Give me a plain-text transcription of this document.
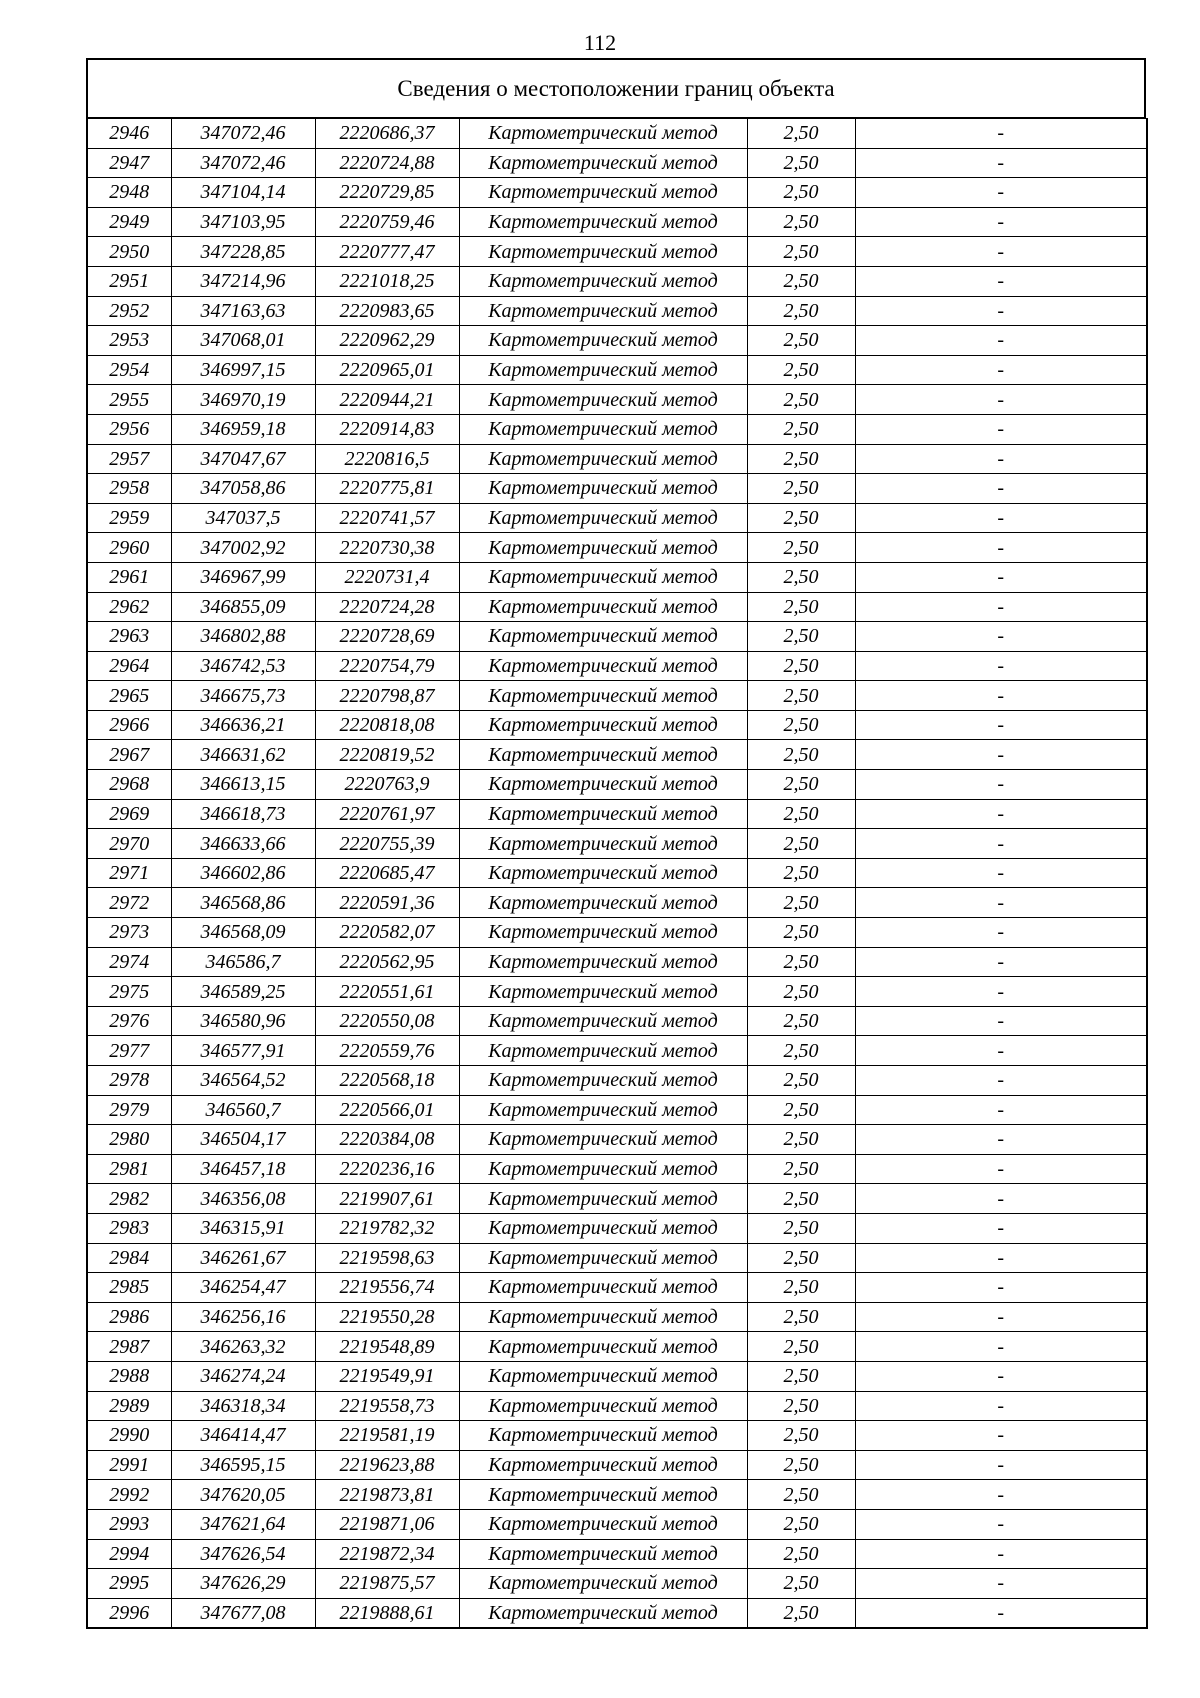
112
Сведения о местоположении границ объекта
2946	347072,46	2220686,37	Картометрический метод	2,50	-
2947	347072,46	2220724,88	Картометрический метод	2,50	-
2948	347104,14	2220729,85	Картометрический метод	2,50	-
2949	347103,95	2220759,46	Картометрический метод	2,50	-
2950	347228,85	2220777,47	Картометрический метод	2,50	-
2951	347214,96	2221018,25	Картометрический метод	2,50	-
2952	347163,63	2220983,65	Картометрический метод	2,50	-
2953	347068,01	2220962,29	Картометрический метод	2,50	-
2954	346997,15	2220965,01	Картометрический метод	2,50	-
2955	346970,19	2220944,21	Картометрический метод	2,50	-
2956	346959,18	2220914,83	Картометрический метод	2,50	-
2957	347047,67	2220816,5	Картометрический метод	2,50	-
2958	347058,86	2220775,81	Картометрический метод	2,50	-
2959	347037,5	2220741,57	Картометрический метод	2,50	-
2960	347002,92	2220730,38	Картометрический метод	2,50	-
2961	346967,99	2220731,4	Картометрический метод	2,50	-
2962	346855,09	2220724,28	Картометрический метод	2,50	-
2963	346802,88	2220728,69	Картометрический метод	2,50	-
2964	346742,53	2220754,79	Картометрический метод	2,50	-
2965	346675,73	2220798,87	Картометрический метод	2,50	-
2966	346636,21	2220818,08	Картометрический метод	2,50	-
2967	346631,62	2220819,52	Картометрический метод	2,50	-
2968	346613,15	2220763,9	Картометрический метод	2,50	-
2969	346618,73	2220761,97	Картометрический метод	2,50	-
2970	346633,66	2220755,39	Картометрический метод	2,50	-
2971	346602,86	2220685,47	Картометрический метод	2,50	-
2972	346568,86	2220591,36	Картометрический метод	2,50	-
2973	346568,09	2220582,07	Картометрический метод	2,50	-
2974	346586,7	2220562,95	Картометрический метод	2,50	-
2975	346589,25	2220551,61	Картометрический метод	2,50	-
2976	346580,96	2220550,08	Картометрический метод	2,50	-
2977	346577,91	2220559,76	Картометрический метод	2,50	-
2978	346564,52	2220568,18	Картометрический метод	2,50	-
2979	346560,7	2220566,01	Картометрический метод	2,50	-
2980	346504,17	2220384,08	Картометрический метод	2,50	-
2981	346457,18	2220236,16	Картометрический метод	2,50	-
2982	346356,08	2219907,61	Картометрический метод	2,50	-
2983	346315,91	2219782,32	Картометрический метод	2,50	-
2984	346261,67	2219598,63	Картометрический метод	2,50	-
2985	346254,47	2219556,74	Картометрический метод	2,50	-
2986	346256,16	2219550,28	Картометрический метод	2,50	-
2987	346263,32	2219548,89	Картометрический метод	2,50	-
2988	346274,24	2219549,91	Картометрический метод	2,50	-
2989	346318,34	2219558,73	Картометрический метод	2,50	-
2990	346414,47	2219581,19	Картометрический метод	2,50	-
2991	346595,15	2219623,88	Картометрический метод	2,50	-
2992	347620,05	2219873,81	Картометрический метод	2,50	-
2993	347621,64	2219871,06	Картометрический метод	2,50	-
2994	347626,54	2219872,34	Картометрический метод	2,50	-
2995	347626,29	2219875,57	Картометрический метод	2,50	-
2996	347677,08	2219888,61	Картометрический метод	2,50	-
